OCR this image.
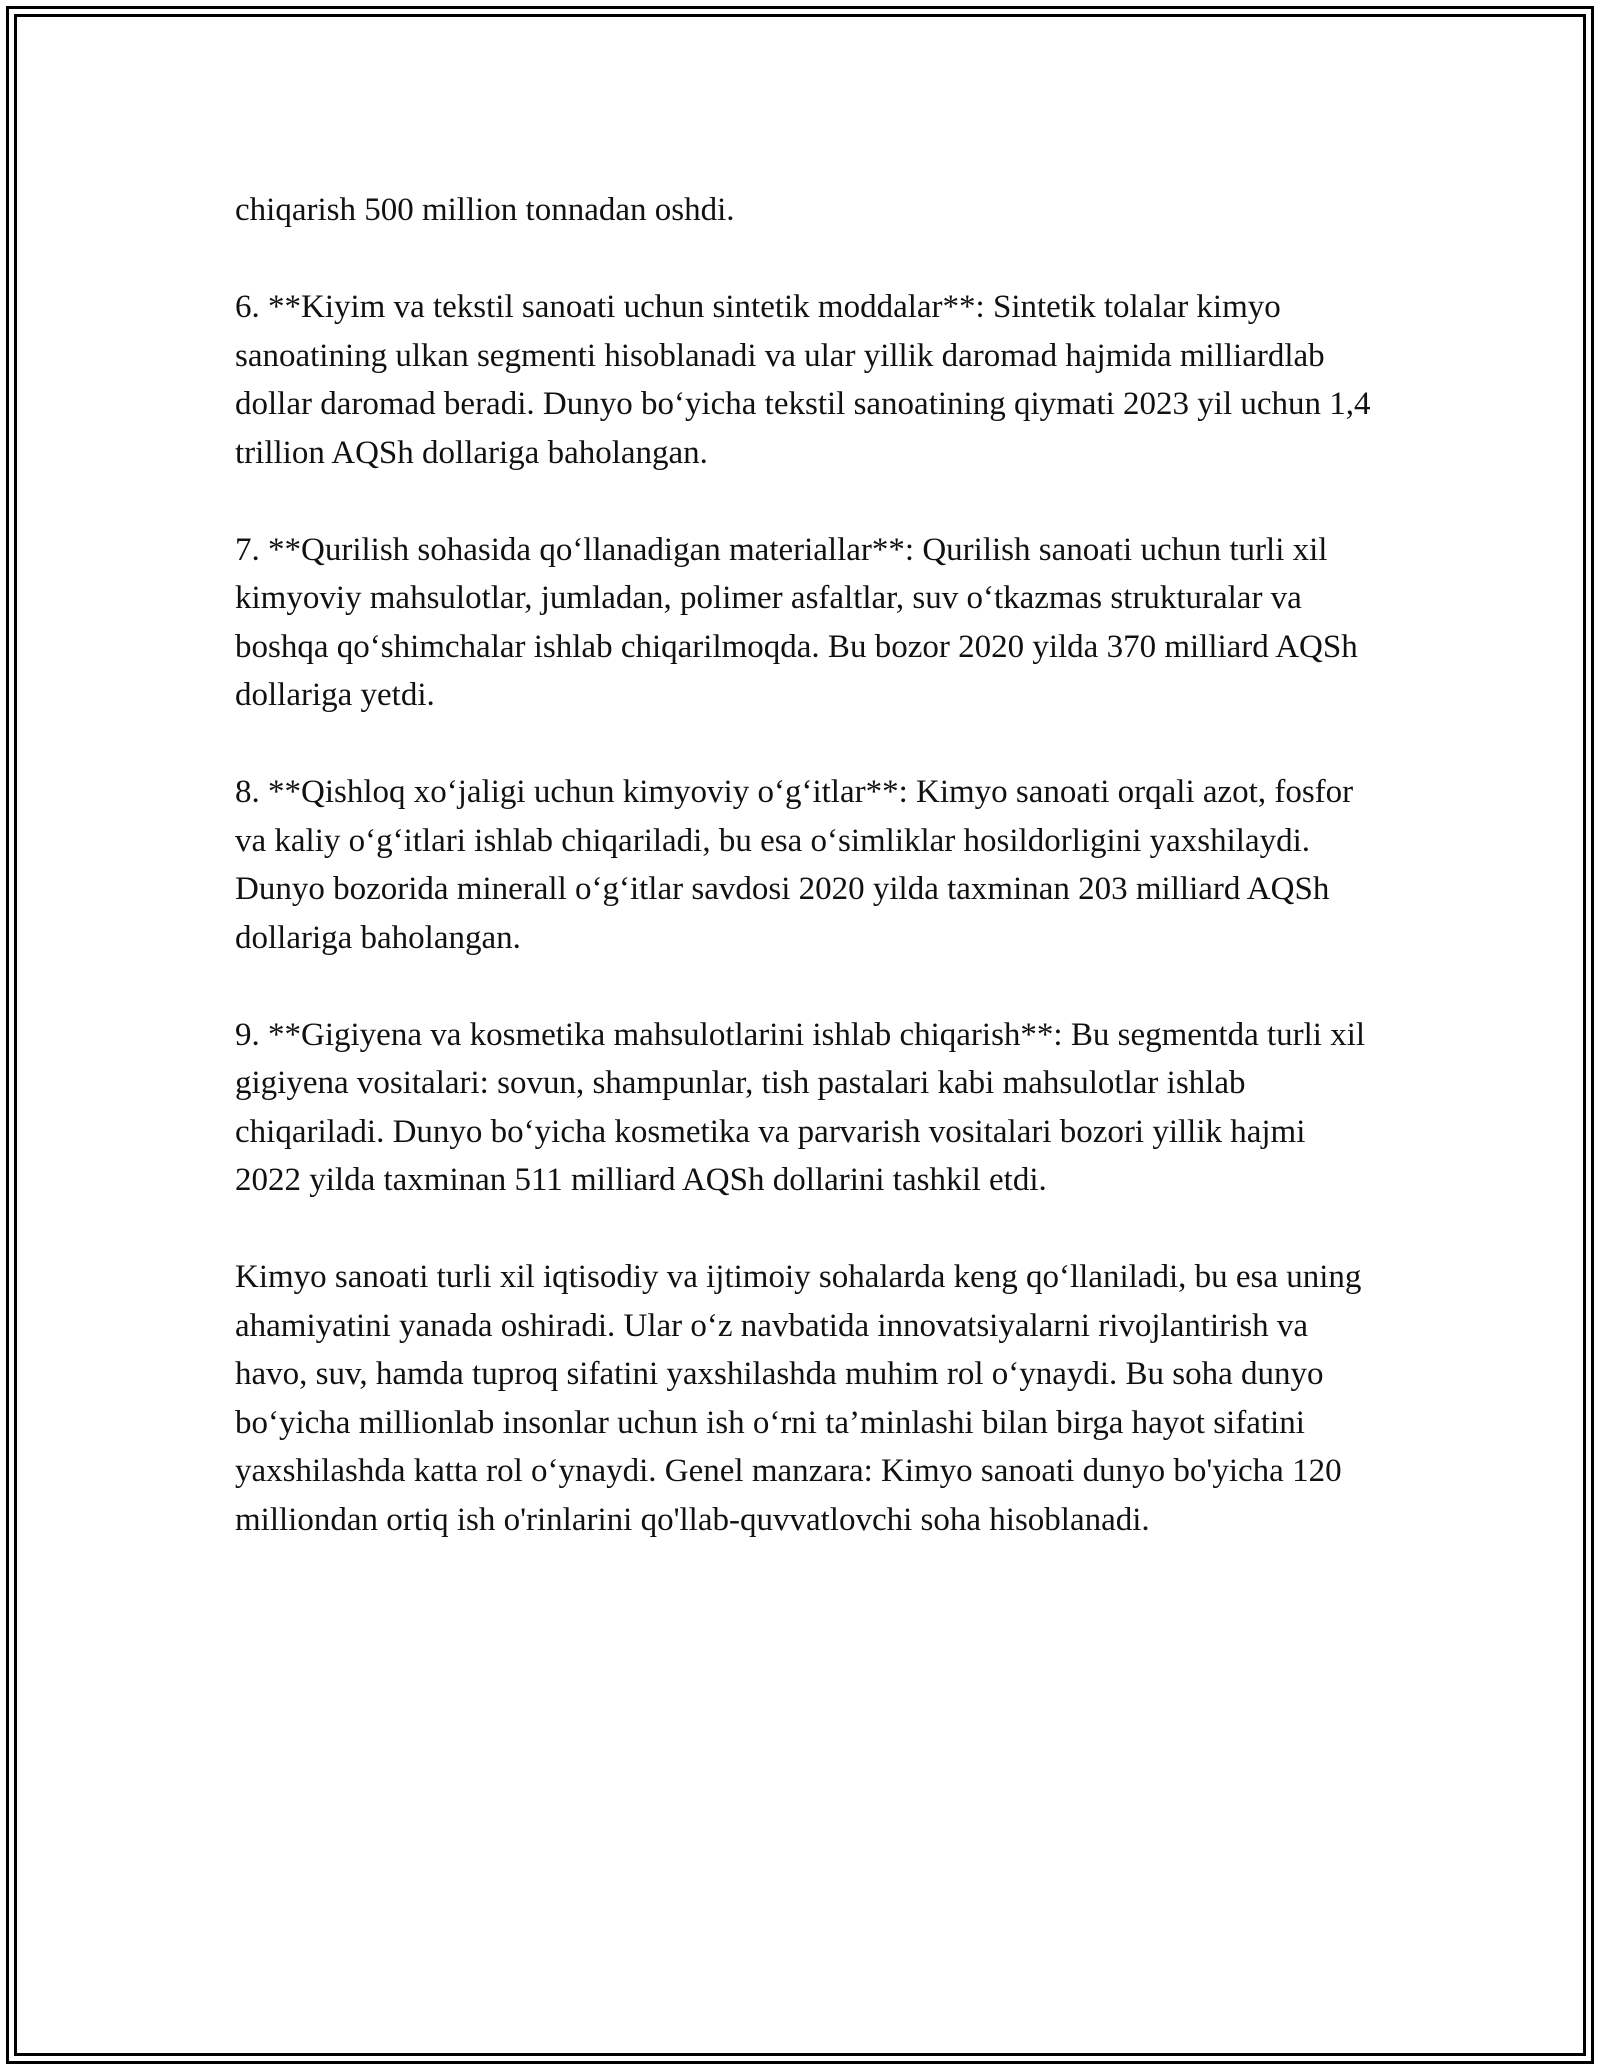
chiqarish 500 million tonnadan oshdi.

6. **Kiyim va tekstil sanoati uchun sintetik moddalar**: Sintetik tolalar kimyo sanoatining ulkan segmenti hisoblanadi va ular yillik daromad hajmida milliardlab dollar daromad beradi. Dunyo bo‘yicha tekstil sanoatining qiymati 2023 yil uchun 1,4 trillion AQSh dollariga baholangan.

7. **Qurilish sohasida qo‘llanadigan materiallar**: Qurilish sanoati uchun turli xil kimyoviy mahsulotlar, jumladan, polimer asfaltlar, suv o‘tkazmas strukturalar va boshqa qo‘shimchalar ishlab chiqarilmoqda. Bu bozor 2020 yilda 370 milliard AQSh dollariga yetdi.

8. **Qishloq xo‘jaligi uchun kimyoviy o‘g‘itlar**: Kimyo sanoati orqali azot, fosfor va kaliy o‘g‘itlari ishlab chiqariladi, bu esa o‘simliklar hosildorligini yaxshilaydi. Dunyo bozorida minerall o‘g‘itlar savdosi 2020 yilda taxminan 203 milliard AQSh dollariga baholangan.

9. **Gigiyena va kosmetika mahsulotlarini ishlab chiqarish**: Bu segmentda turli xil gigiyena vositalari: sovun, shampunlar, tish pastalari kabi mahsulotlar ishlab chiqariladi. Dunyo bo‘yicha kosmetika va parvarish vositalari bozori yillik hajmi 2022 yilda taxminan 511 milliard AQSh dollarini tashkil etdi.

Kimyo sanoati turli xil iqtisodiy va ijtimoiy sohalarda keng qo‘llaniladi, bu esa uning ahamiyatini yanada oshiradi. Ular o‘z navbatida innovatsiyalarni rivojlantirish va havo, suv, hamda tuproq sifatini yaxshilashda muhim rol o‘ynaydi. Bu soha dunyo bo‘yicha millionlab insonlar uchun ish o‘rni ta’minlashi bilan birga hayot sifatini yaxshilashda katta rol o‘ynaydi. Genel manzara: Kimyo sanoati dunyo bo'yicha 120 milliondan ortiq ish o'rinlarini qo'llab-quvvatlovchi soha hisoblanadi.
